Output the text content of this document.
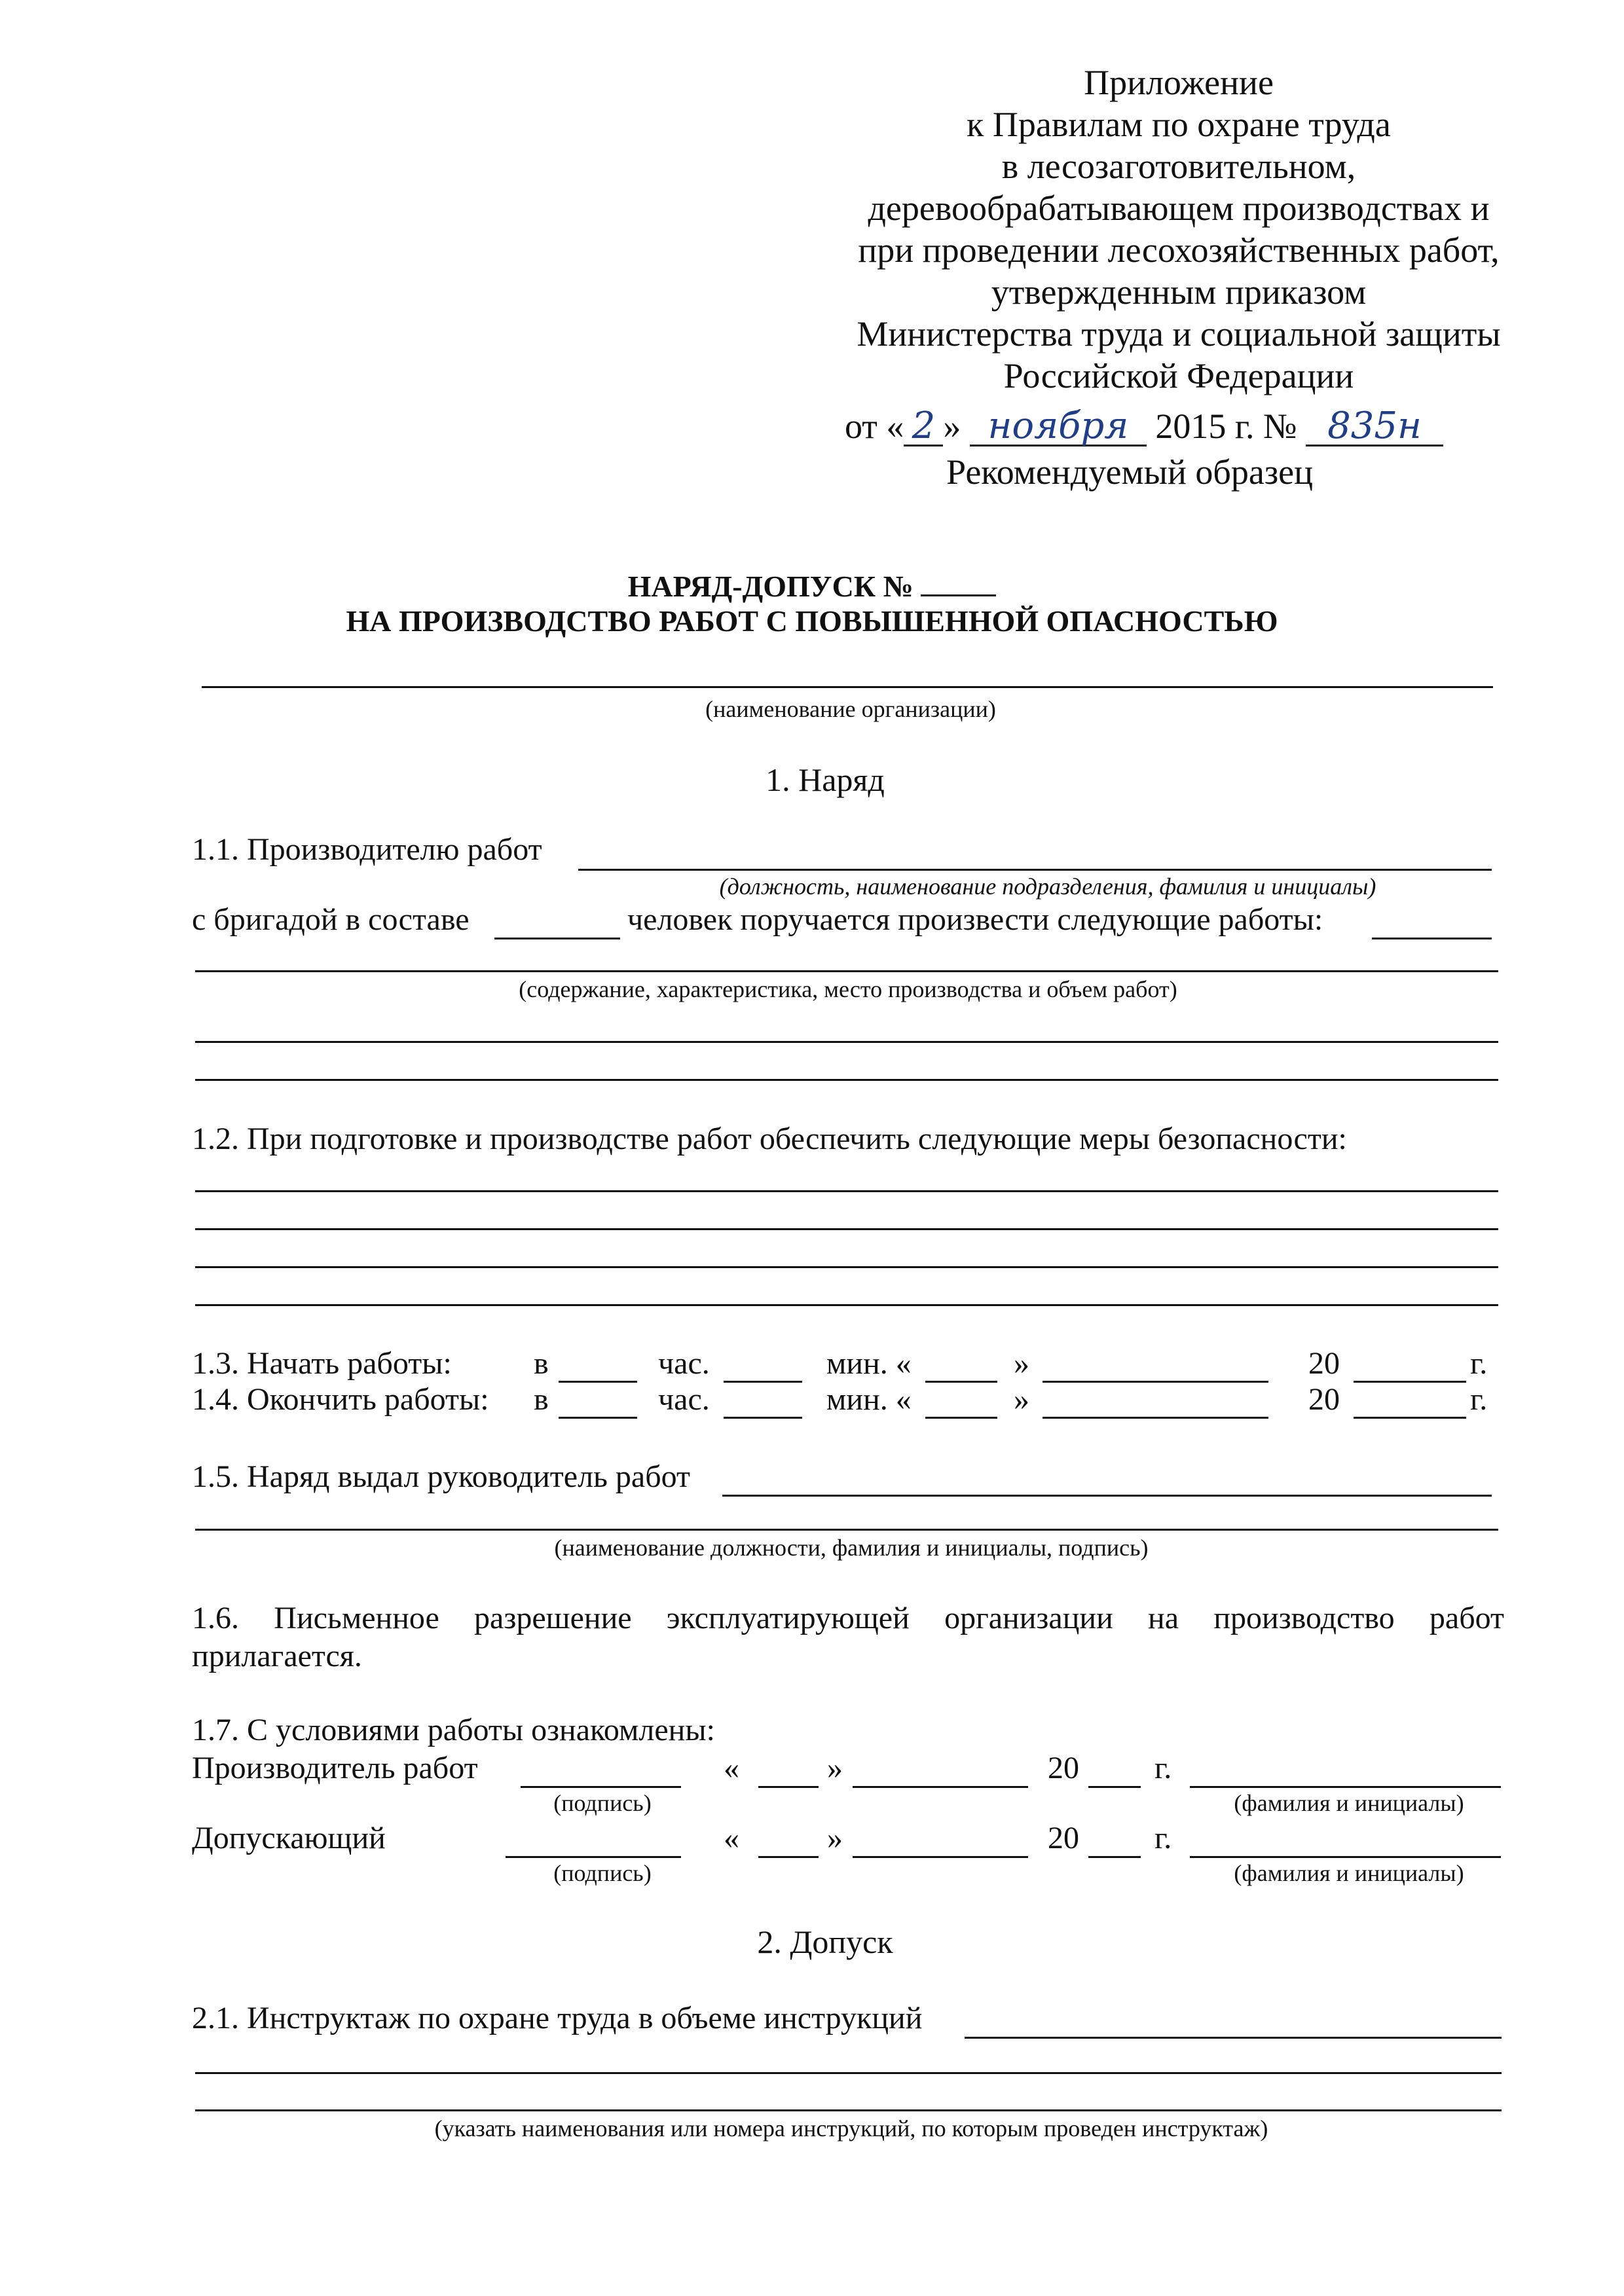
Приложение
к Правилам по охране труда
в лесозаготовительном,
деревообрабатывающем производствах и
при проведении лесохозяйственных работ,
утвержденным приказом
Министерства труда и социальной защиты
Российской Федерации
от « 2 » ноября 2015 г. № 835н
Рекомендуемый образец
НАРЯД-ДОПУСК №
НА ПРОИЗВОДСТВО РАБОТ С ПОВЫШЕННОЙ ОПАСНОСТЬЮ
(наименование организации)
1. Наряд
1.1. Производителю работ
(должность, наименование подразделения, фамилия и инициалы)
с бригадой в составе	человек поручается произвести следующие работы:
(содержание, характеристика, место производства и объем работ)
1.2. При подготовке и производстве работ обеспечить следующие меры безопасности:
1.3. Начать работы:	в	час.	мин. «	»	20	г.
1.4. Окончить работы: в	час.	мин. «	»	20	г.
1.5. Наряд выдал руководитель работ
(наименование должности, фамилия и инициалы, подпись)
1.6. Письменное разрешение эксплуатирующей организации на производство работ
прилагается.
1.7. С условиями работы ознакомлены:
Производитель работ	«	»	20 г.
(подпись)	(фамилия и инициалы)
Допускающий	«	»	20 г.
(подпись)	(фамилия и инициалы)
2. Допуск
2.1. Инструктаж по охране труда в объеме инструкций
(указать наименования или номера инструкций, по которым проведен инструктаж)
